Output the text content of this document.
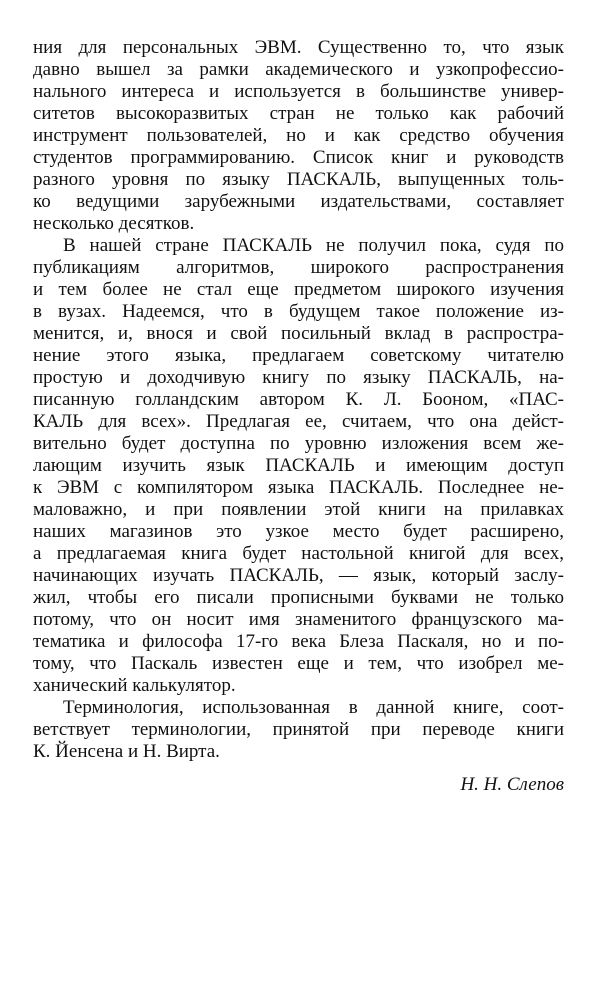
ния для персональных ЭВМ. Существенно то, что язык
давно вышел за рамки академического и узкопрофессио-
нального интереса и используется в большинстве универ-
ситетов высокоразвитых стран не только как рабочий
инструмент пользователей, но и как средство обучения
студентов программированию. Список книг и руководств
разного уровня по языку ПАСКАЛЬ, выпущенных толь-
ко ведущими зарубежными издательствами, составляет
несколько десятков.
В нашей стране ПАСКАЛЬ не получил пока, судя по
публикациям алгоритмов, широкого распространения
и тем более не стал еще предметом широкого изучения
в вузах. Надеемся, что в будущем такое положение из-
менится, и, внося и свой посильный вклад в распростра-
нение этого языка, предлагаем советскому читателю
простую и доходчивую книгу по языку ПАСКАЛЬ, на-
писанную голландским автором К. Л. Бооном, «ПАС-
КАЛЬ для всех». Предлагая ее, считаем, что она дейст-
вительно будет доступна по уровню изложения всем же-
лающим изучить язык ПАСКАЛЬ и имеющим доступ
к ЭВМ с компилятором языка ПАСКАЛЬ. Последнее не-
маловажно, и при появлении этой книги на прилавках
наших магазинов это узкое место будет расширено,
а предлагаемая книга будет настольной книгой для всех,
начинающих изучать ПАСКАЛЬ, — язык, который заслу-
жил, чтобы его писали прописными буквами не только
потому, что он носит имя знаменитого французского ма-
тематика и философа 17-го века Блеза Паскаля, но и по-
тому, что Паскаль известен еще и тем, что изобрел ме-
ханический калькулятор.
Терминология, использованная в данной книге, соот-
ветствует терминологии, принятой при переводе книги
К. Йенсена и Н. Вирта.
Н. Н. Слепов
